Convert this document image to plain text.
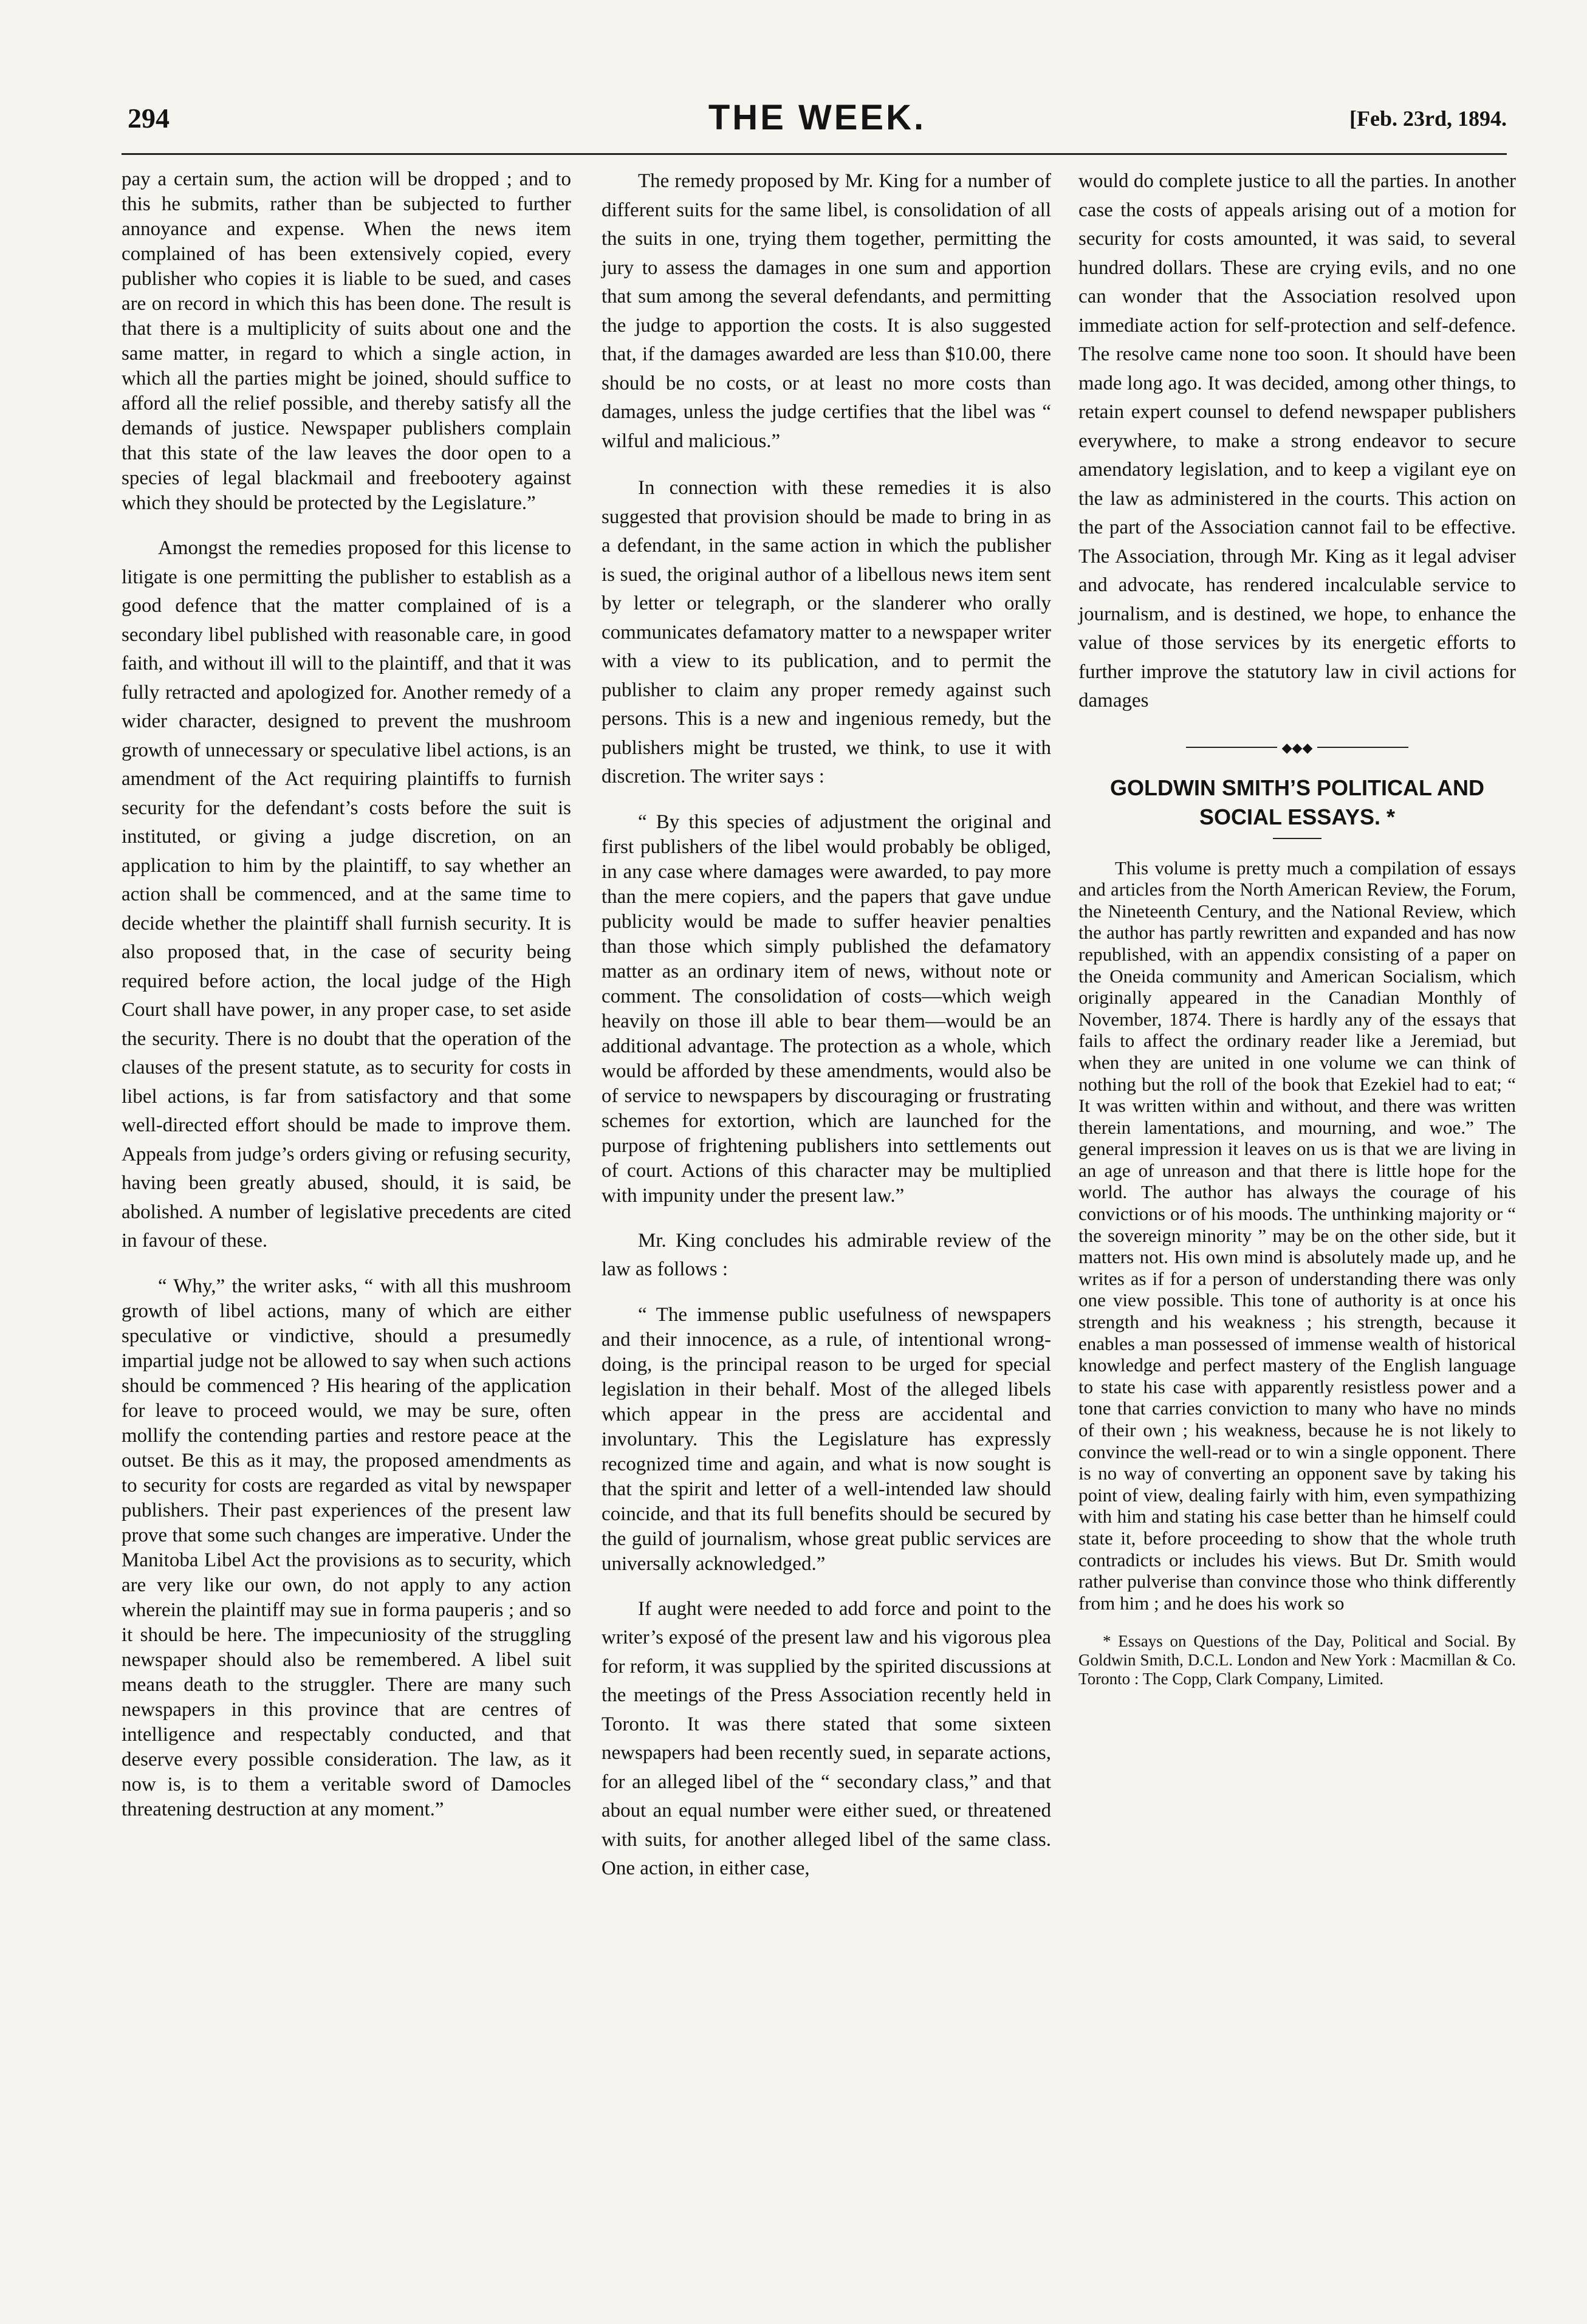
294	THE WEEK.	[Feb. 23rd, 1894.

pay a certain sum, the action will be dropped ; and to this he submits, rather than be subjected to further annoyance and expense. When the news item complained of has been extensively copied, every publisher who copies it is liable to be sued, and cases are on record in which this has been done. The result is that there is a multiplicity of suits about one and the same matter, in regard to which a single action, in which all the parties might be joined, should suffice to afford all the relief possible, and thereby satisfy all the demands of justice. Newspaper publishers complain that this state of the law leaves the door open to a species of legal blackmail and freebootery against which they should be protected by the Legislature.”

Amongst the remedies proposed for this license to litigate is one permitting the publisher to establish as a good defence that the matter complained of is a secondary libel published with reasonable care, in good faith, and without ill will to the plaintiff, and that it was fully retracted and apologized for. Another remedy of a wider character, designed to prevent the mushroom growth of unnecessary or speculative libel actions, is an amendment of the Act requiring plaintiffs to furnish security for the defendant’s costs before the suit is instituted, or giving a judge discretion, on an application to him by the plaintiff, to say whether an action shall be commenced, and at the same time to decide whether the plaintiff shall furnish security. It is also proposed that, in the case of security being required before action, the local judge of the High Court shall have power, in any proper case, to set aside the security. There is no doubt that the operation of the clauses of the present statute, as to security for costs in libel actions, is far from satisfactory and that some well-directed effort should be made to improve them. Appeals from judge’s orders giving or refusing security, having been greatly abused, should, it is said, be abolished. A number of legislative precedents are cited in favour of these.

“ Why,” the writer asks, “ with all this mushroom growth of libel actions, many of which are either speculative or vindictive, should a presumedly impartial judge not be allowed to say when such actions should be commenced ? His hearing of the application for leave to proceed would, we may be sure, often mollify the contending parties and restore peace at the outset. Be this as it may, the proposed amendments as to security for costs are regarded as vital by newspaper publishers. Their past experiences of the present law prove that some such changes are imperative. Under the Manitoba Libel Act the provisions as to security, which are very like our own, do not apply to any action wherein the plaintiff may sue in forma pauperis ; and so it should be here. The impecuniosity of the struggling newspaper should also be remembered. A libel suit means death to the struggler. There are many such newspapers in this province that are centres of intelligence and respectably conducted, and that deserve every possible consideration. The law, as it now is, is to them a veritable sword of Damocles threatening destruction at any moment.”

The remedy proposed by Mr. King for a number of different suits for the same libel, is consolidation of all the suits in one, trying them together, permitting the jury to assess the damages in one sum and apportion that sum among the several defendants, and permitting the judge to apportion the costs. It is also suggested that, if the damages awarded are less than $10.00, there should be no costs, or at least no more costs than damages, unless the judge certifies that the libel was “ wilful and malicious.”

In connection with these remedies it is also suggested that provision should be made to bring in as a defendant, in the same action in which the publisher is sued, the original author of a libellous news item sent by letter or telegraph, or the slanderer who orally communicates defamatory matter to a newspaper writer with a view to its publication, and to permit the publisher to claim any proper remedy against such persons. This is a new and ingenious remedy, but the publishers might be trusted, we think, to use it with discretion. The writer says :

“ By this species of adjustment the original and first publishers of the libel would probably be obliged, in any case where damages were awarded, to pay more than the mere copiers, and the papers that gave undue publicity would be made to suffer heavier penalties than those which simply published the defamatory matter as an ordinary item of news, without note or comment. The consolidation of costs—which weigh heavily on those ill able to bear them—would be an additional advantage. The protection as a whole, which would be afforded by these amendments, would also be of service to newspapers by discouraging or frustrating schemes for extortion, which are launched for the purpose of frightening publishers into settlements out of court. Actions of this character may be multiplied with impunity under the present law.”

Mr. King concludes his admirable review of the law as follows :

“ The immense public usefulness of newspapers and their innocence, as a rule, of intentional wrong-doing, is the principal reason to be urged for special legislation in their behalf. Most of the alleged libels which appear in the press are accidental and involuntary. This the Legislature has expressly recognized time and again, and what is now sought is that the spirit and letter of a well-intended law should coincide, and that its full benefits should be secured by the guild of journalism, whose great public services are universally acknowledged.”

If aught were needed to add force and point to the writer’s exposé of the present law and his vigorous plea for reform, it was supplied by the spirited discussions at the meetings of the Press Association recently held in Toronto. It was there stated that some sixteen newspapers had been recently sued, in separate actions, for an alleged libel of the “ secondary class,” and that about an equal number were either sued, or threatened with suits, for another alleged libel of the same class. One action, in either case,

would do complete justice to all the parties. In another case the costs of appeals arising out of a motion for security for costs amounted, it was said, to several hundred dollars. These are crying evils, and no one can wonder that the Association resolved upon immediate action for self-protection and self-defence. The resolve came none too soon. It should have been made long ago. It was decided, among other things, to retain expert counsel to defend newspaper publishers everywhere, to make a strong endeavor to secure amendatory legislation, and to keep a vigilant eye on the law as administered in the courts. This action on the part of the Association cannot fail to be effective. The Association, through Mr. King as it legal adviser and advocate, has rendered incalculable service to journalism, and is destined, we hope, to enhance the value of those services by its energetic efforts to further improve the statutory law in civil actions for damages

◆◆◆
GOLDWIN SMITH’S POLITICAL AND SOCIAL ESSAYS. *

This volume is pretty much a compilation of essays and articles from the North American Review, the Forum, the Nineteenth Century, and the National Review, which the author has partly rewritten and expanded and has now republished, with an appendix consisting of a paper on the Oneida community and American Socialism, which originally appeared in the Canadian Monthly of November, 1874. There is hardly any of the essays that fails to affect the ordinary reader like a Jeremiad, but when they are united in one volume we can think of nothing but the roll of the book that Ezekiel had to eat; “ It was written within and without, and there was written therein lamentations, and mourning, and woe.” The general impression it leaves on us is that we are living in an age of unreason and that there is little hope for the world. The author has always the courage of his convictions or of his moods. The unthinking majority or “ the sovereign minority ” may be on the other side, but it matters not. His own mind is absolutely made up, and he writes as if for a person of understanding there was only one view possible. This tone of authority is at once his strength and his weakness ; his strength, because it enables a man possessed of immense wealth of historical knowledge and perfect mastery of the English language to state his case with apparently resistless power and a tone that carries conviction to many who have no minds of their own ; his weakness, because he is not likely to convince the well-read or to win a single opponent. There is no way of converting an opponent save by taking his point of view, dealing fairly with him, even sympathizing with him and stating his case better than he himself could state it, before proceeding to show that the whole truth contradicts or includes his views. But Dr. Smith would rather pulverise than convince those who think differently from him ; and he does his work so

* Essays on Questions of the Day, Political and Social. By Goldwin Smith, D.C.L. London and New York : Macmillan & Co. Toronto : The Copp, Clark Company, Limited.
